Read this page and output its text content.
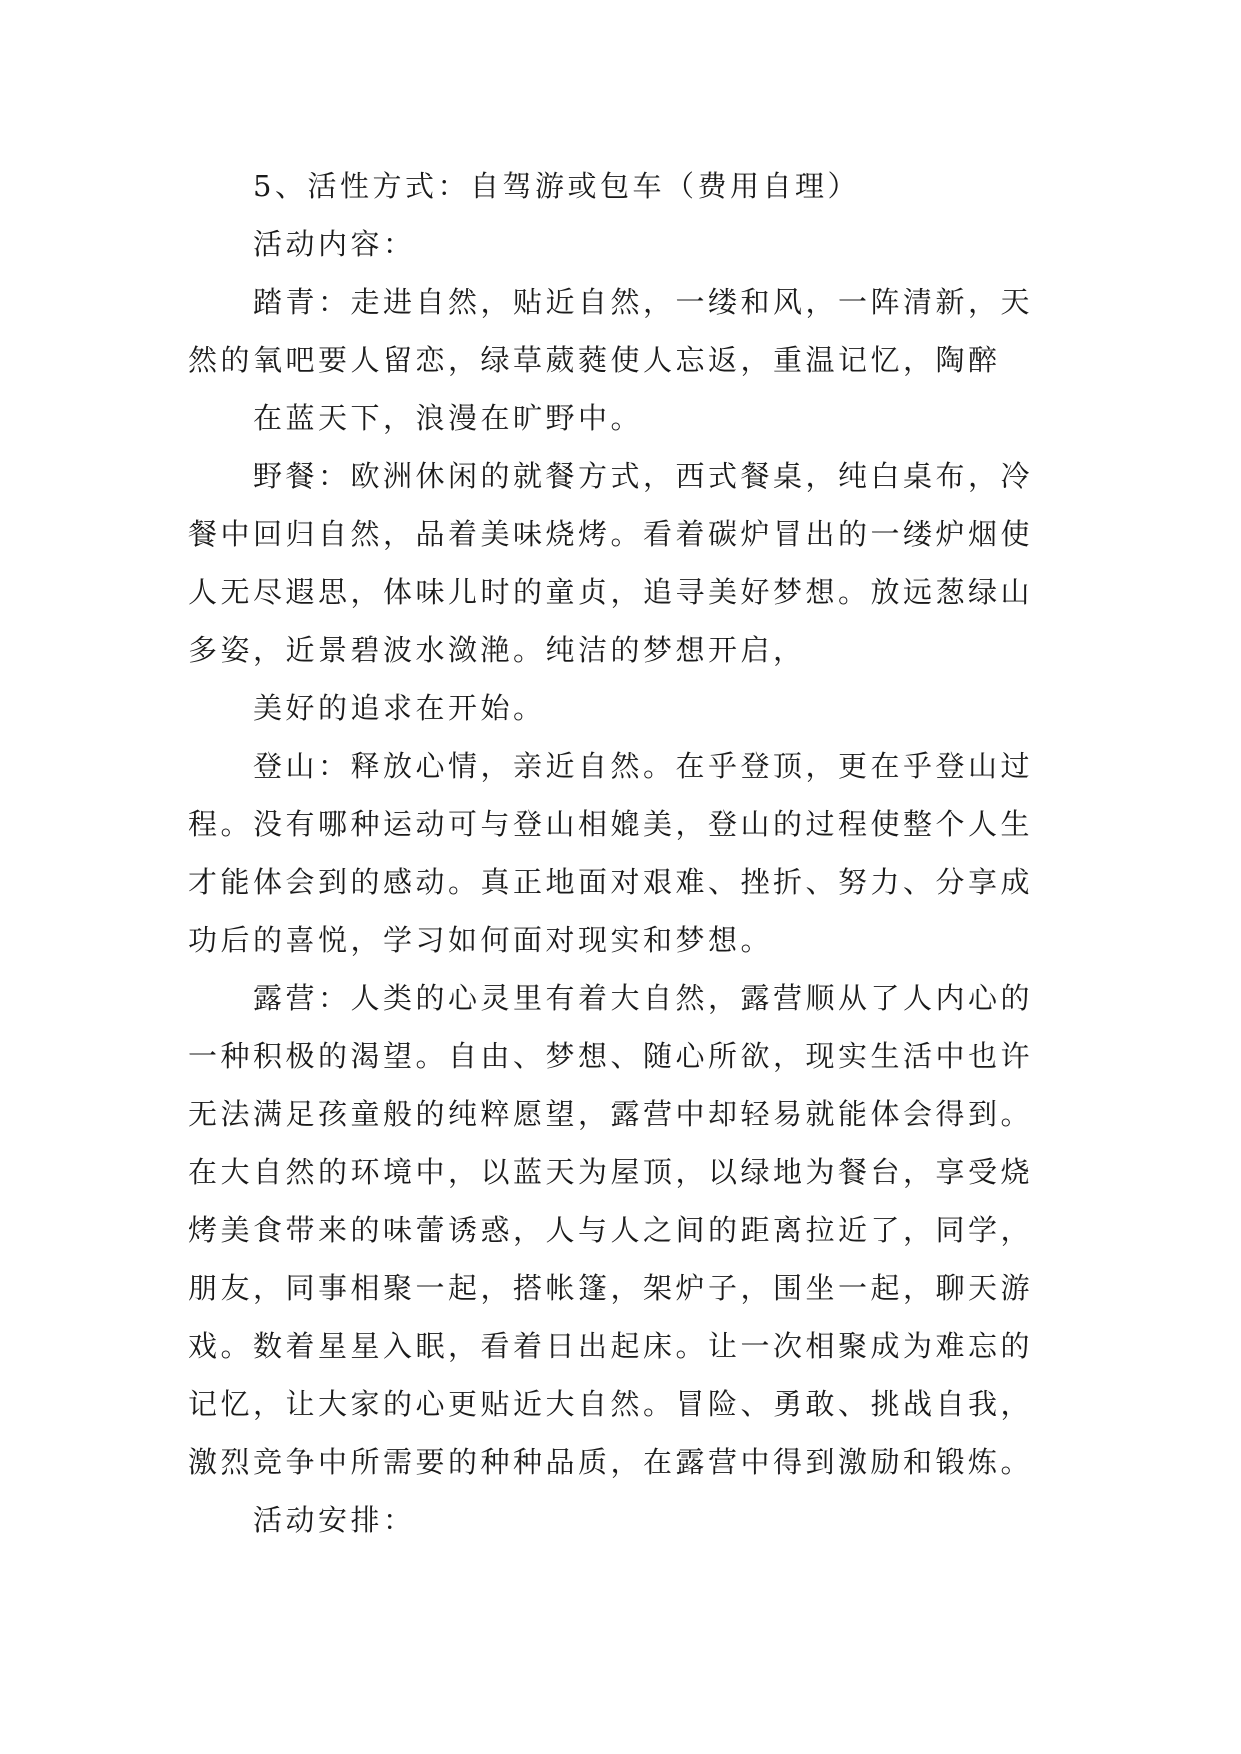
5、活性方式：自驾游或包车（费用自理）
活动内容：
踏青：走进自然，贴近自然，一缕和风，一阵清新，天
然的氧吧要人留恋，绿草葳蕤使人忘返，重温记忆，陶醉
在蓝天下，浪漫在旷野中。
野餐：欧洲休闲的就餐方式，西式餐桌，纯白桌布，冷
餐中回归自然，品着美味烧烤。看着碳炉冒出的一缕炉烟使
人无尽遐思，体味儿时的童贞，追寻美好梦想。放远葱绿山
多姿，近景碧波水潋滟。纯洁的梦想开启，
美好的追求在开始。
登山：释放心情，亲近自然。在乎登顶，更在乎登山过
程。没有哪种运动可与登山相媲美，登山的过程使整个人生
才能体会到的感动。真正地面对艰难、挫折、努力、分享成
功后的喜悦，学习如何面对现实和梦想。
露营：人类的心灵里有着大自然，露营顺从了人内心的
一种积极的渴望。自由、梦想、随心所欲，现实生活中也许
无法满足孩童般的纯粹愿望，露营中却轻易就能体会得到。
在大自然的环境中，以蓝天为屋顶，以绿地为餐台，享受烧
烤美食带来的味蕾诱惑，人与人之间的距离拉近了，同学，
朋友，同事相聚一起，搭帐篷，架炉子，围坐一起，聊天游
戏。数着星星入眠，看着日出起床。让一次相聚成为难忘的
记忆，让大家的心更贴近大自然。冒险、勇敢、挑战自我，
激烈竞争中所需要的种种品质，在露营中得到激励和锻炼。
活动安排：
